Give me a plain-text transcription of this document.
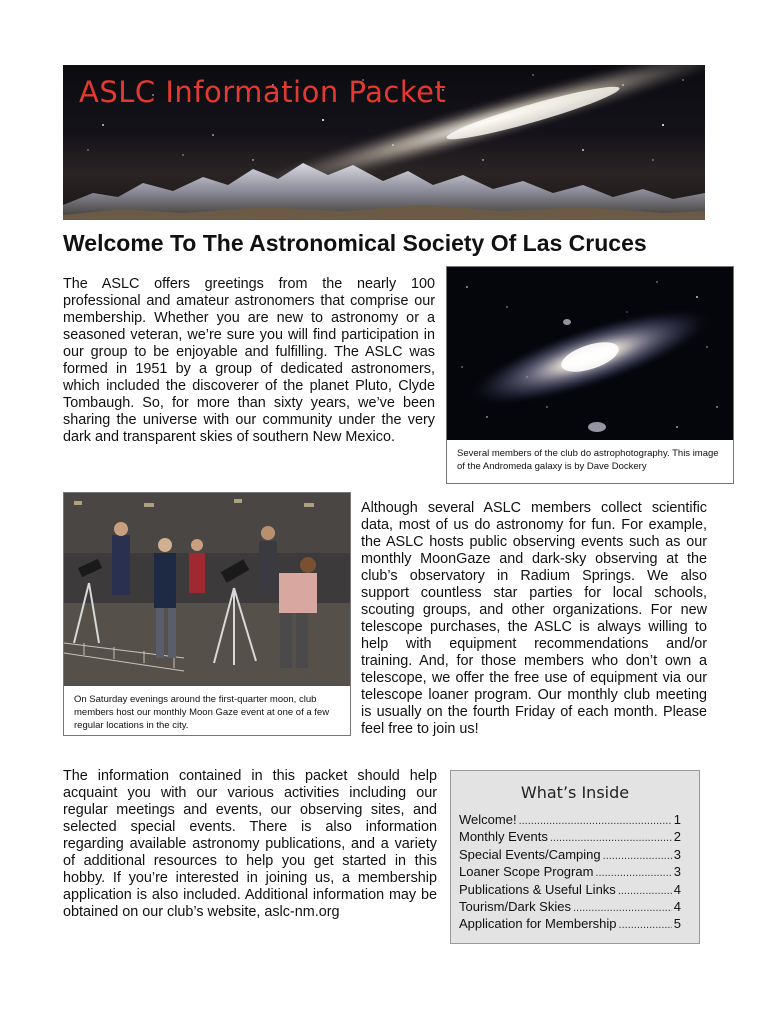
ASLC Information Packet
Welcome To The Astronomical Society Of Las Cruces
The ASLC offers greetings from the nearly 100 professional and amateur astronomers that comprise our membership. Whether you are new to astronomy or a seasoned veteran, we’re sure you will find participation in our group to be enjoyable and fulfilling. The ASLC was formed in 1951 by a group of dedicated astronomers, which included the discoverer of the planet Pluto, Clyde Tombaugh. So, for more than sixty years, we’ve been sharing the universe with our community under the very dark and transparent skies of southern New Mexico.
Several members of the club do astrophotography. This image of the Andromeda galaxy is by Dave Dockery
On Saturday evenings around the first-quarter moon, club members host our monthly Moon Gaze event at one of a few regular locations in the city.
Although several ASLC members collect scientific data, most of us do astronomy for fun. For example, the ASLC hosts public observing events such as our monthly MoonGaze and dark-sky observing at the club’s observatory in Radium Springs. We also support countless star parties for local schools, scouting groups, and other organizations. For new telescope purchases, the ASLC is always willing to help with equipment recommendations and/or training. And, for those members who don’t own a telescope, we offer the free use of equipment via our telescope loaner program. Our monthly club meeting is usually on the fourth Friday of each month. Please feel free to join us!
The information contained in this packet should help acquaint you with our various activities including our regular meetings and events, our observing sites, and selected special events. There is also information regarding available astronomy publications, and a variety of additional resources to help you get started in this hobby. If you’re interested in joining us, a membership application is also included. Additional information may be obtained on our club’s website, aslc-nm.org
What’s Inside
Welcome! .....	1
Monthly Events .....	2
Special Events/Camping .....	3
Loaner Scope Program .....	3
Publications & Useful Links .....	4
Tourism/Dark Skies .....	4
Application for Membership .....	5
